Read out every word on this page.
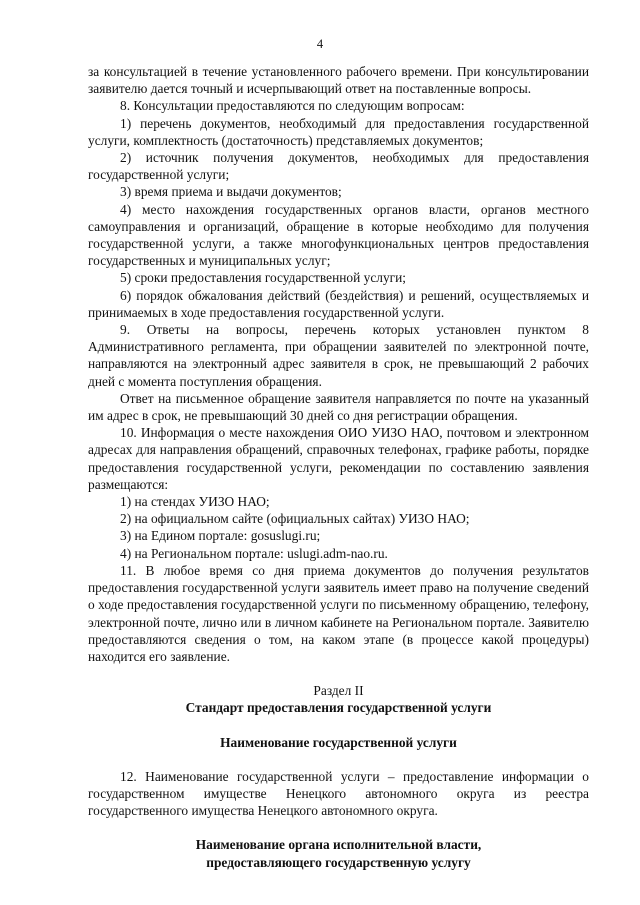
4

за консультацией в течение установленного рабочего времени. При консультировании заявителю дается точный и исчерпывающий ответ на поставленные вопросы.

8. Консультации предоставляются по следующим вопросам:

1) перечень документов, необходимый для предоставления государственной услуги, комплектность (достаточность) представляемых документов;

2) источник получения документов, необходимых для предоставления государственной услуги;

3) время приема и выдачи документов;

4) место нахождения государственных органов власти, органов местного самоуправления и организаций, обращение в которые необходимо для получения государственной услуги, а также многофункциональных центров предоставления государственных и муниципальных услуг;

5) сроки предоставления государственной услуги;

6) порядок обжалования действий (бездействия) и решений, осуществляемых и принимаемых в ходе предоставления государственной услуги.

9. Ответы на вопросы, перечень которых установлен пунктом 8 Административного регламента, при обращении заявителей по электронной почте, направляются на электронный адрес заявителя в срок, не превышающий 2 рабочих дней с момента поступления обращения.

Ответ на письменное обращение заявителя направляется по почте на указанный им адрес в срок, не превышающий 30 дней со дня регистрации обращения.

10. Информация о месте нахождения ОИО УИЗО НАО, почтовом и электронном адресах для направления обращений, справочных телефонах, графике работы, порядке предоставления государственной услуги, рекомендации по составлению заявления размещаются:

1) на стендах УИЗО НАО;

2) на официальном сайте (официальных сайтах) УИЗО НАО;

3) на Едином портале: gosuslugi.ru;

4) на Региональном портале: uslugi.adm-nao.ru.

11. В любое время со дня приема документов до получения результатов предоставления государственной услуги заявитель имеет право на получение сведений о ходе предоставления государственной услуги по письменному обращению, телефону, электронной почте, лично или в личном кабинете на Региональном портале. Заявителю предоставляются сведения о том, на каком этапе (в процессе какой процедуры) находится его заявление.

Раздел II

Стандарт предоставления государственной услуги

Наименование государственной услуги

12. Наименование государственной услуги – предоставление информации о государственном имуществе Ненецкого автономного округа из реестра государственного имущества Ненецкого автономного округа.

Наименование органа исполнительной власти,

предоставляющего государственную услугу
